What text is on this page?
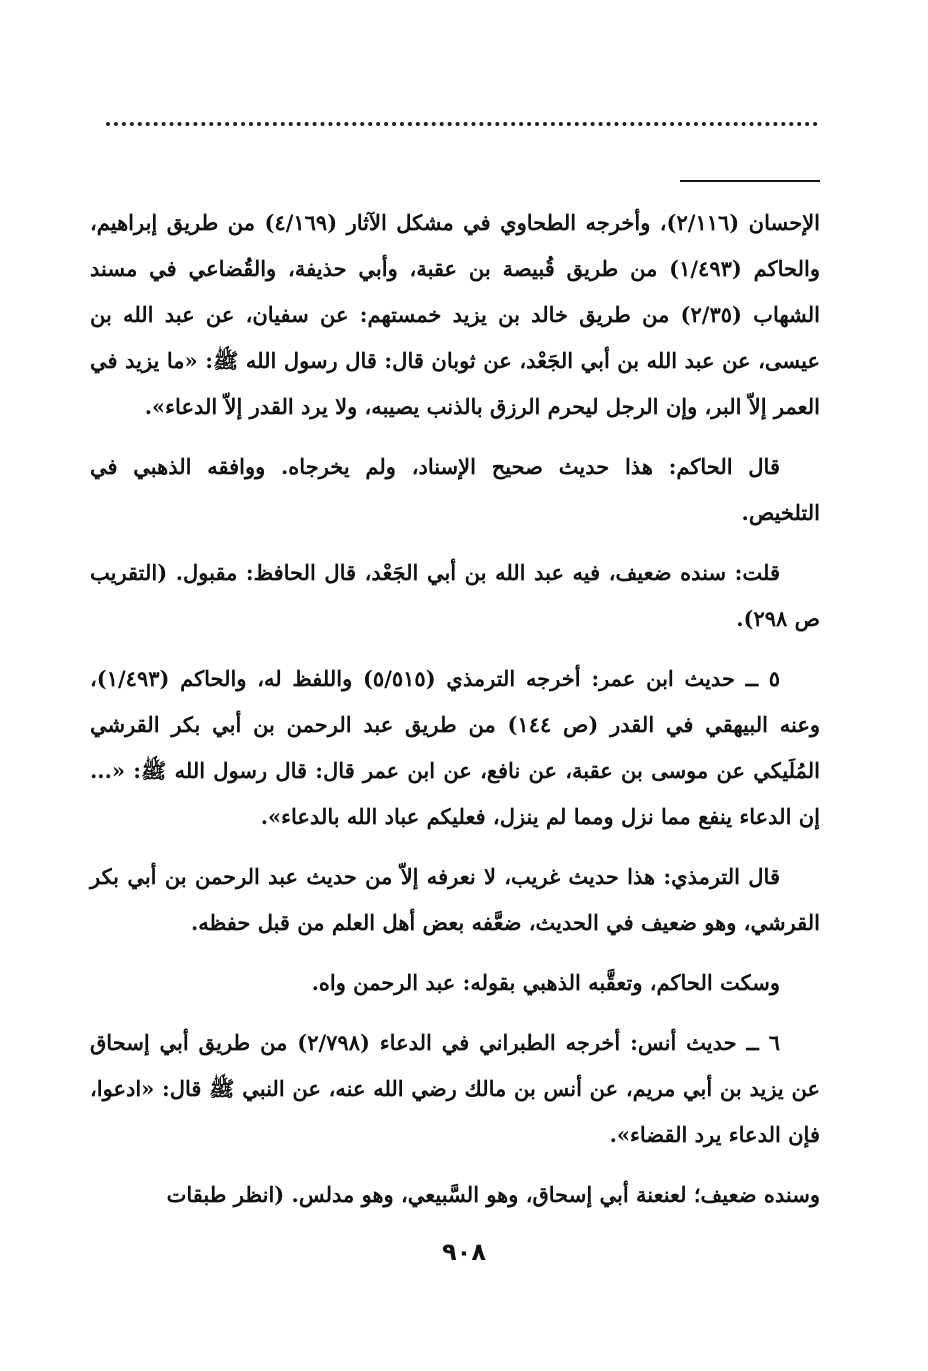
الإحسان (٢/١١٦)، وأخرجه الطحاوي في مشكل الآثار (٤/١٦٩) من طريق إبراهيم، والحاكم (١/٤٩٣) من طريق قُبيصة بن عقبة، وأبي حذيفة، والقُضاعي في مسند الشهاب (٢/٣٥) من طريق خالد بن يزيد خمستهم: عن سفيان، عن عبد الله بن عيسى، عن عبد الله بن أبي الجَعْد، عن ثوبان قال: قال رسول الله ﷺ: «ما يزيد في العمر إلاّ البر، وإن الرجل ليحرم الرزق بالذنب يصيبه، ولا يرد القدر إلاّ الدعاء».

قال الحاكم: هذا حديث صحيح الإسناد، ولم يخرجاه. ووافقه الذهبي في التلخيص.

قلت: سنده ضعيف، فيه عبد الله بن أبي الجَعْد، قال الحافظ: مقبول. (التقريب ص ٢٩٨).

٥ ــ حديث ابن عمر: أخرجه الترمذي (٥/٥١٥) واللفظ له، والحاكم (١/٤٩٣)، وعنه البيهقي في القدر (ص ١٤٤) من طريق عبد الرحمن بن أبي بكر القرشي المُلَيكي عن موسى بن عقبة، عن نافع، عن ابن عمر قال: قال رسول الله ﷺ: «... إن الدعاء ينفع مما نزل ومما لم ينزل، فعليكم عباد الله بالدعاء».

قال الترمذي: هذا حديث غريب، لا نعرفه إلاّ من حديث عبد الرحمن بن أبي بكر القرشي، وهو ضعيف في الحديث، ضعَّفه بعض أهل العلم من قبل حفظه.

وسكت الحاكم، وتعقَّبه الذهبي بقوله: عبد الرحمن واه.

٦ ــ حديث أنس: أخرجه الطبراني في الدعاء (٢/٧٩٨) من طريق أبي إسحاق عن يزيد بن أبي مريم، عن أنس بن مالك رضي الله عنه، عن النبي ﷺ قال: «ادعوا، فإن الدعاء يرد القضاء».

وسنده ضعيف؛ لعنعنة أبي إسحاق، وهو السَّبيعي، وهو مدلس. (انظر طبقات

٩٠٨
